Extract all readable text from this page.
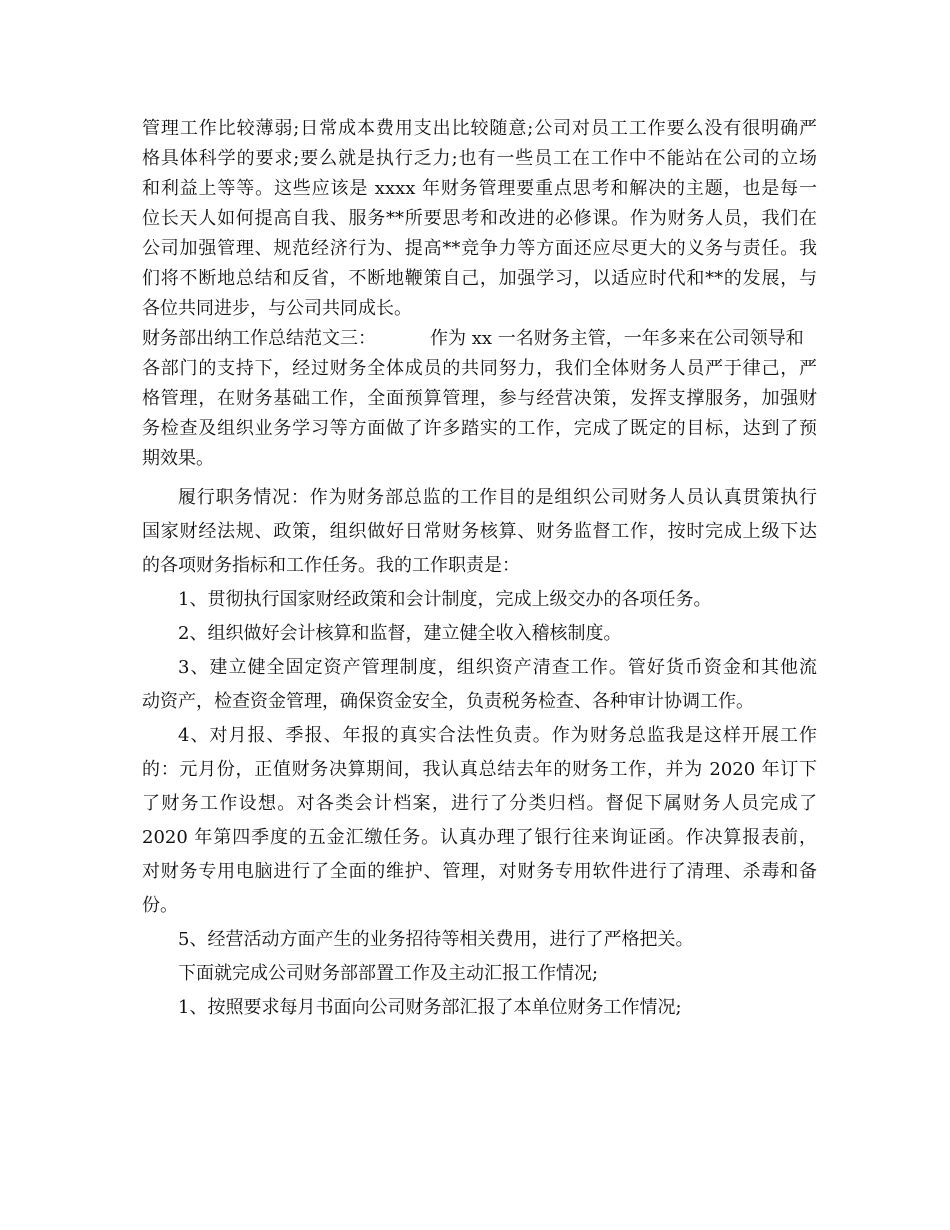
管理工作比较薄弱;日常成本费用支出比较随意;公司对员工工作要么没有很明确严
格具体科学的要求;要么就是执行乏力;也有一些员工在工作中不能站在公司的立场
和利益上等等。这些应该是 xxxx 年财务管理要重点思考和解决的主题，也是每一
位长天人如何提高自我、服务**所要思考和改进的必修课。作为财务人员，我们在
公司加强管理、规范经济行为、提高**竞争力等方面还应尽更大的义务与责任。我
们将不断地总结和反省，不断地鞭策自己，加强学习，以适应时代和**的发展，与
各位共同进步，与公司共同成长。
财务部出纳工作总结范文三：	作为 xx 一名财务主管，一年多来在公司领导和
各部门的支持下，经过财务全体成员的共同努力，我们全体财务人员严于律己，严
格管理，在财务基础工作，全面预算管理，参与经营决策，发挥支撑服务，加强财
务检查及组织业务学习等方面做了许多踏实的工作，完成了既定的目标，达到了预
期效果。
履行职务情况：作为财务部总监的工作目的是组织公司财务人员认真贯策执行
国家财经法规、政策，组织做好日常财务核算、财务监督工作，按时完成上级下达
的各项财务指标和工作任务。我的工作职责是：
1、贯彻执行国家财经政策和会计制度，完成上级交办的各项任务。
2、组织做好会计核算和监督，建立健全收入稽核制度。
3、建立健全固定资产管理制度，组织资产清查工作。管好货币资金和其他流
动资产，检查资金管理，确保资金安全，负责税务检查、各种审计协调工作。
4、对月报、季报、年报的真实合法性负责。作为财务总监我是这样开展工作
的：元月份，正值财务决算期间，我认真总结去年的财务工作，并为 2020 年订下
了财务工作设想。对各类会计档案，进行了分类归档。督促下属财务人员完成了
2020 年第四季度的五金汇缴任务。认真办理了银行往来询证函。作决算报表前，
对财务专用电脑进行了全面的维护、管理，对财务专用软件进行了清理、杀毒和备
份。
5、经营活动方面产生的业务招待等相关费用，进行了严格把关。
下面就完成公司财务部部置工作及主动汇报工作情况;
1、按照要求每月书面向公司财务部汇报了本单位财务工作情况;
